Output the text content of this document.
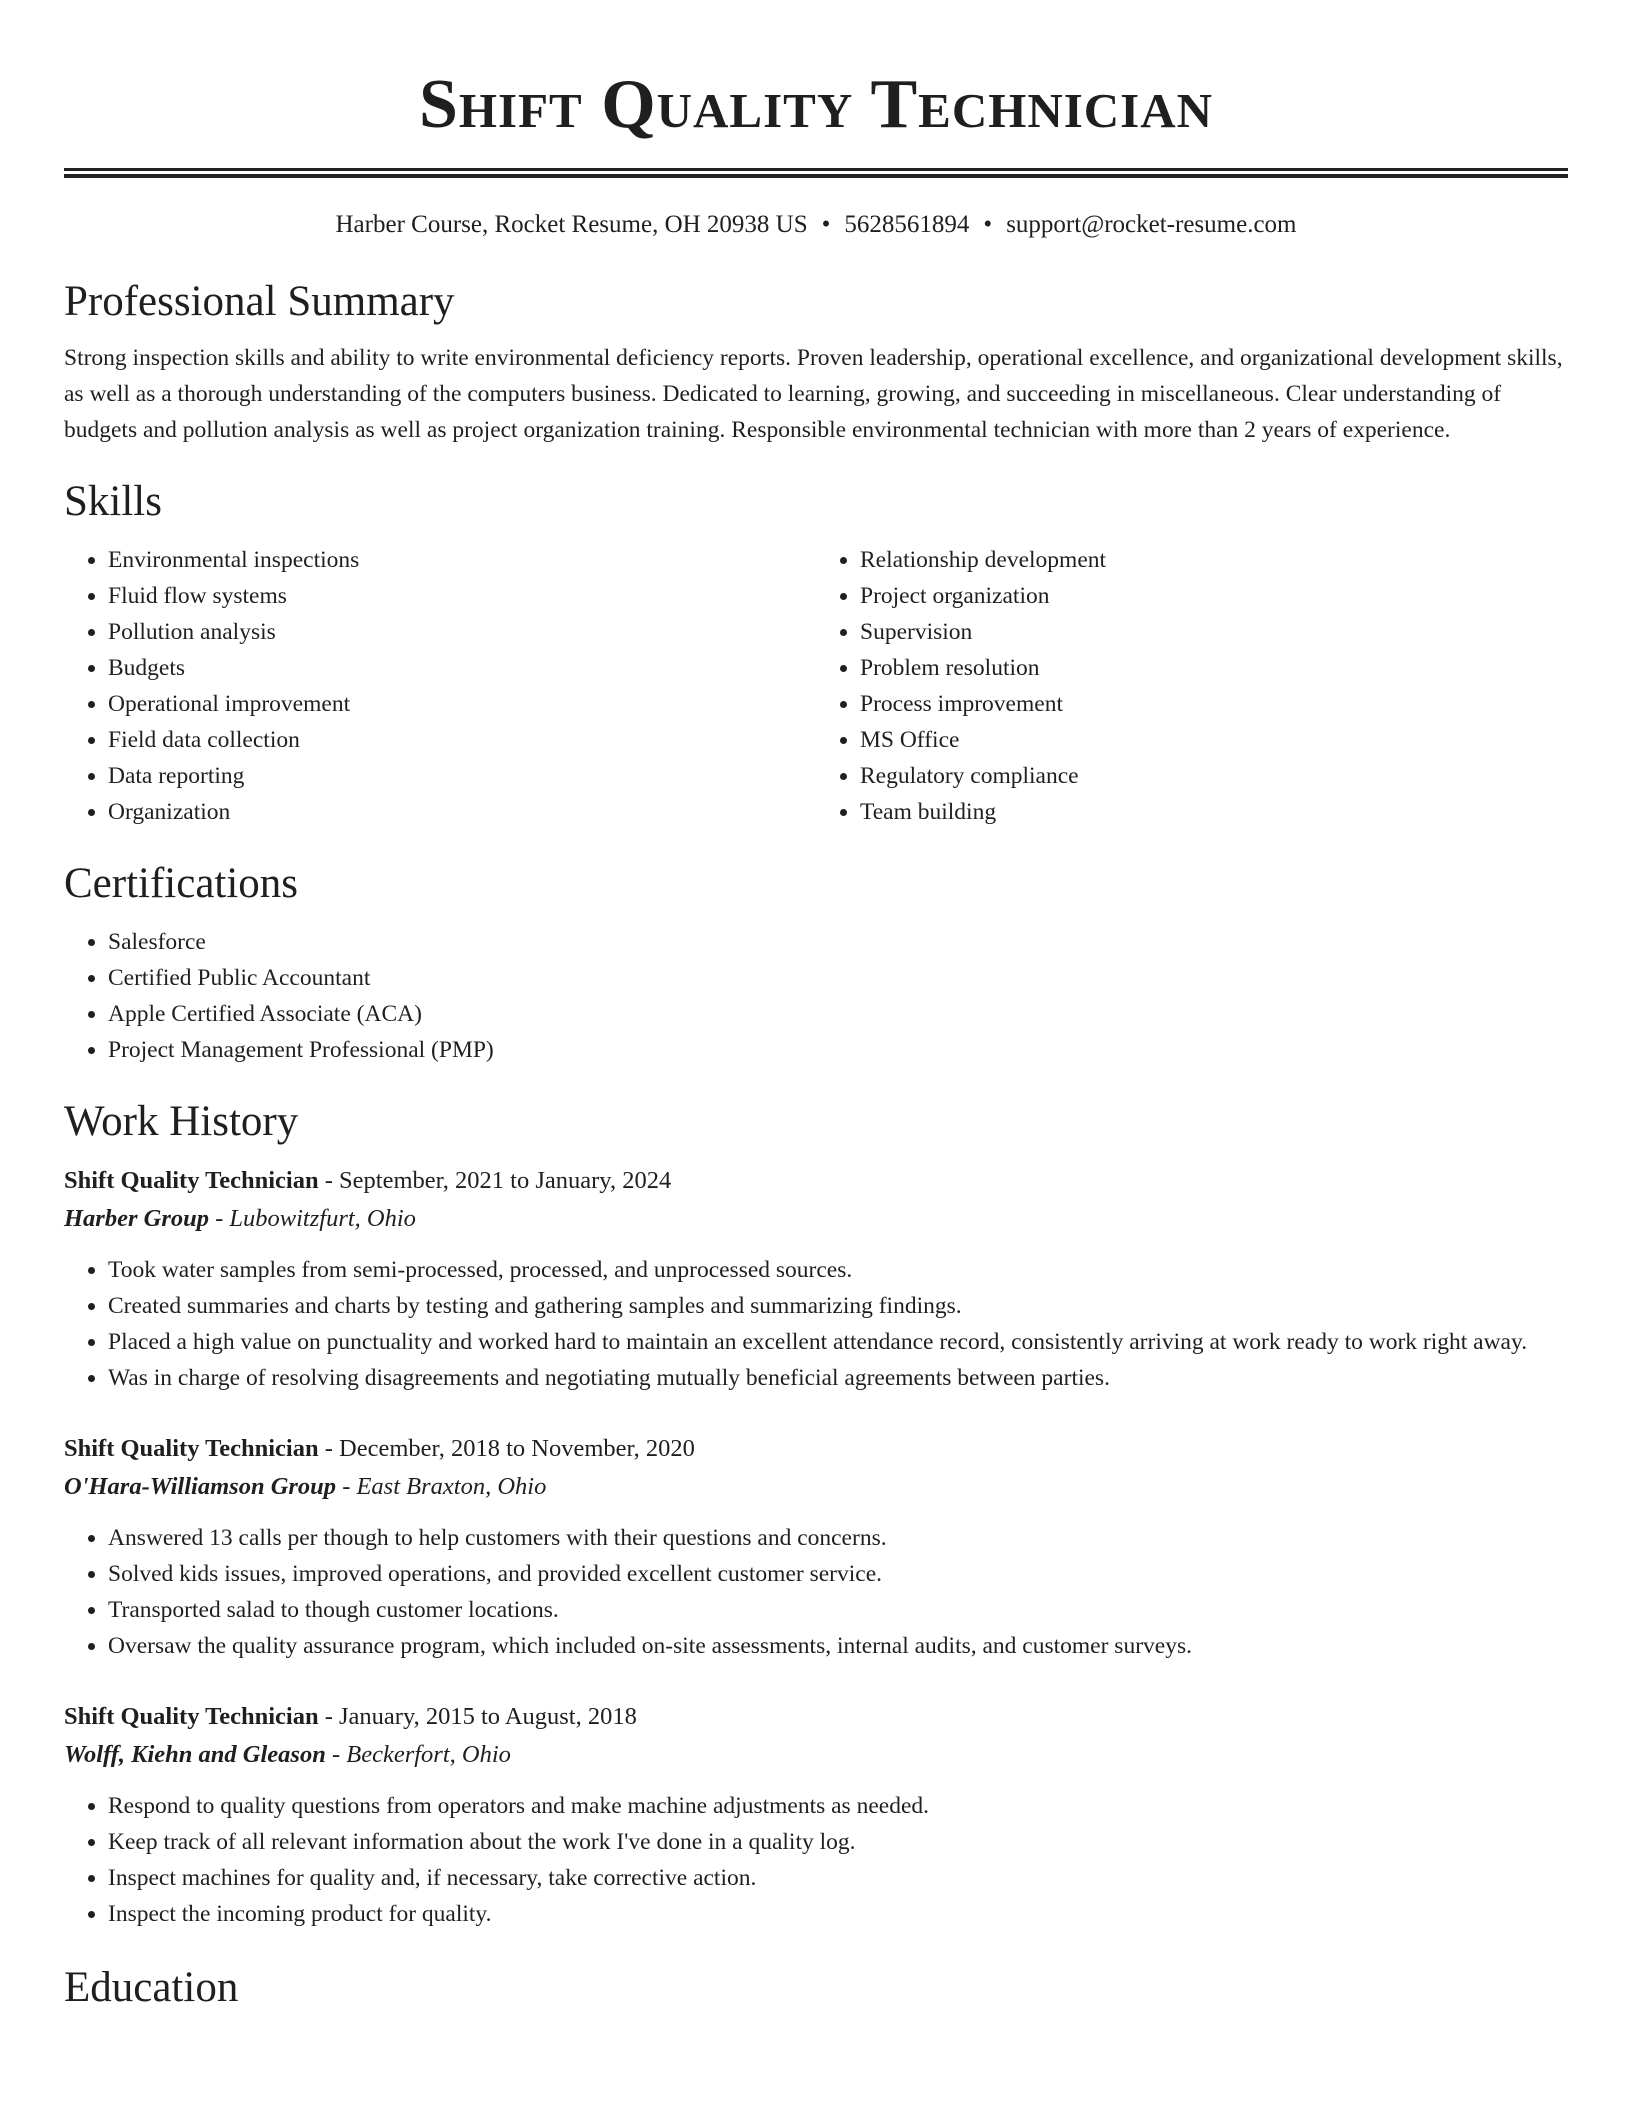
Shift Quality Technician
Harber Course, Rocket Resume, OH 20938 US • 5628561894 • support@rocket-resume.com
Professional Summary
Strong inspection skills and ability to write environmental deficiency reports. Proven leadership, operational excellence, and organizational development skills, as well as a thorough understanding of the computers business. Dedicated to learning, growing, and succeeding in miscellaneous. Clear understanding of budgets and pollution analysis as well as project organization training. Responsible environmental technician with more than 2 years of experience.
Skills
• Environmental inspections
• Fluid flow systems
• Pollution analysis
• Budgets
• Operational improvement
• Field data collection
• Data reporting
• Organization
• Relationship development
• Project organization
• Supervision
• Problem resolution
• Process improvement
• MS Office
• Regulatory compliance
• Team building
Certifications
• Salesforce
• Certified Public Accountant
• Apple Certified Associate (ACA)
• Project Management Professional (PMP)
Work History
Shift Quality Technician - September, 2021 to January, 2024
Harber Group - Lubowitzfurt, Ohio
• Took water samples from semi-processed, processed, and unprocessed sources.
• Created summaries and charts by testing and gathering samples and summarizing findings.
• Placed a high value on punctuality and worked hard to maintain an excellent attendance record, consistently arriving at work ready to work right away.
• Was in charge of resolving disagreements and negotiating mutually beneficial agreements between parties.
Shift Quality Technician - December, 2018 to November, 2020
O'Hara-Williamson Group - East Braxton, Ohio
• Answered 13 calls per though to help customers with their questions and concerns.
• Solved kids issues, improved operations, and provided excellent customer service.
• Transported salad to though customer locations.
• Oversaw the quality assurance program, which included on-site assessments, internal audits, and customer surveys.
Shift Quality Technician - January, 2015 to August, 2018
Wolff, Kiehn and Gleason - Beckerfort, Ohio
• Respond to quality questions from operators and make machine adjustments as needed.
• Keep track of all relevant information about the work I've done in a quality log.
• Inspect machines for quality and, if necessary, take corrective action.
• Inspect the incoming product for quality.
Education
